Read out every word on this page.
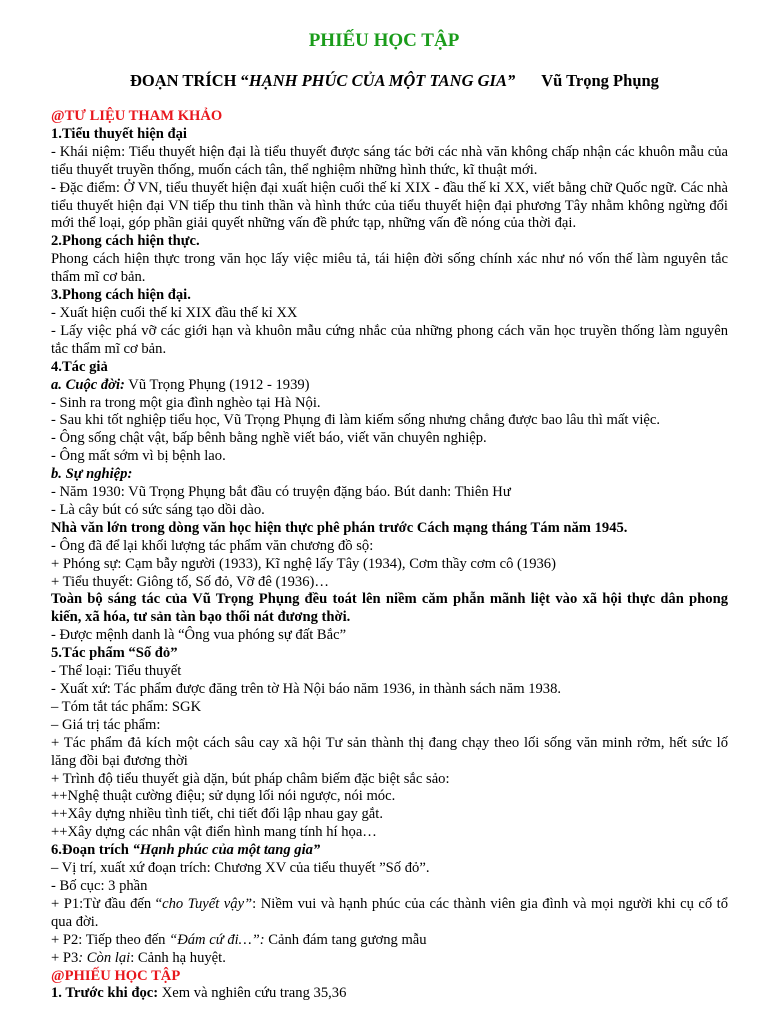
PHIẾU HỌC TẬP
ĐOẠN TRÍCH “HẠNH PHÚC CỦA MỘT TANG GIA” Vũ Trọng Phụng

@TƯ LIỆU THAM KHẢO

1.Tiểu thuyết hiện đại

- Khái niệm: Tiểu thuyết hiện đại là tiểu thuyết được sáng tác bởi các nhà văn không chấp nhận các khuôn mẫu của tiểu thuyết truyền thống, muốn cách tân, thể nghiệm những hình thức, kĩ thuật mới.

- Đặc điểm: Ở VN, tiểu thuyết hiện đại xuất hiện cuối thế kỉ XIX - đầu thế kỉ XX, viết bằng chữ Quốc ngữ. Các nhà tiểu thuyết hiện đại VN tiếp thu tinh thần và hình thức của tiểu thuyết hiện đại phương Tây nhằm không ngừng đổi mới thể loại, góp phần giải quyết những vấn đề phức tạp, những vấn đề nóng của thời đại.

2.Phong cách hiện thực.

Phong cách hiện thực trong văn học lấy việc miêu tả, tái hiện đời sống chính xác như nó vốn thế làm nguyên tắc thẩm mĩ cơ bản.

3.Phong cách hiện đại.

- Xuất hiện cuối thế kỉ XIX đầu thế kỉ XX

- Lấy việc phá vỡ các giới hạn và khuôn mẫu cứng nhắc của những phong cách văn học truyền thống làm nguyên tắc thẩm mĩ cơ bản.

4.Tác giả

a. Cuộc đời: Vũ Trọng Phụng (1912 - 1939)

- Sinh ra trong một gia đình nghèo tại Hà Nội.

- Sau khi tốt nghiệp tiểu học, Vũ Trọng Phụng đi làm kiếm sống nhưng chẳng được bao lâu thì mất việc.

- Ông sống chật vật, bấp bênh bằng nghề viết báo, viết văn chuyên nghiệp.

- Ông mất sớm vì bị bệnh lao.

b. Sự nghiệp:

- Năm 1930: Vũ Trọng Phụng bắt đầu có truyện đặng báo. Bút danh: Thiên Hư

- Là cây bút có sức sáng tạo dồi dào.

Nhà văn lớn trong dòng văn học hiện thực phê phán trước Cách mạng tháng Tám năm 1945.

- Ông đã để lại khối lượng tác phẩm văn chương đồ sộ:

+ Phóng sự: Cạm bẫy người (1933), Kĩ nghệ lấy Tây (1934), Cơm thầy cơm cô (1936)

+ Tiểu thuyết: Giông tố, Số đỏ, Vỡ đê (1936)…

Toàn bộ sáng tác của Vũ Trọng Phụng đều toát lên niềm căm phẫn mãnh liệt vào xã hội thực dân phong kiến, xã hóa, tư sản tàn bạo thối nát đương thời.

- Được mệnh danh là “Ông vua phóng sự đất Bắc”

5.Tác phẩm “Số đỏ”

- Thể loại: Tiểu thuyết

- Xuất xứ: Tác phẩm được đăng trên tờ Hà Nội báo năm 1936, in thành sách năm 1938.

– Tóm tắt tác phẩm: SGK

– Giá trị tác phẩm:

+ Tác phẩm đả kích một cách sâu cay xã hội Tư sản thành thị đang chạy theo lối sống văn minh rởm, hết sức lố lăng đồi bại đương thời

+ Trình độ tiểu thuyết già dặn, bút pháp châm biếm đặc biệt sắc sảo:

++Nghệ thuật cường điệu; sử dụng lối nói ngược, nói móc.

++Xây dựng nhiều tình tiết, chi tiết đối lập nhau gay gắt.

++Xây dựng các nhân vật điển hình mang tính hí họa…

6.Đoạn trích “Hạnh phúc của một tang gia”

– Vị trí, xuất xứ đoạn trích: Chương XV của tiểu thuyết ”Số đỏ”.

- Bố cục: 3 phần

+ P1:Từ đầu đến “cho Tuyết vậy”: Niềm vui và hạnh phúc của các thành viên gia đình và mọi người khi cụ cố tổ qua đời.

+ P2: Tiếp theo đến “Đám cứ đi…”: Cảnh đám tang gương mẫu

+ P3: Còn lại: Cảnh hạ huyệt.

@PHIẾU HỌC TẬP

1. Trước khi đọc: Xem và nghiên cứu trang 35,36
